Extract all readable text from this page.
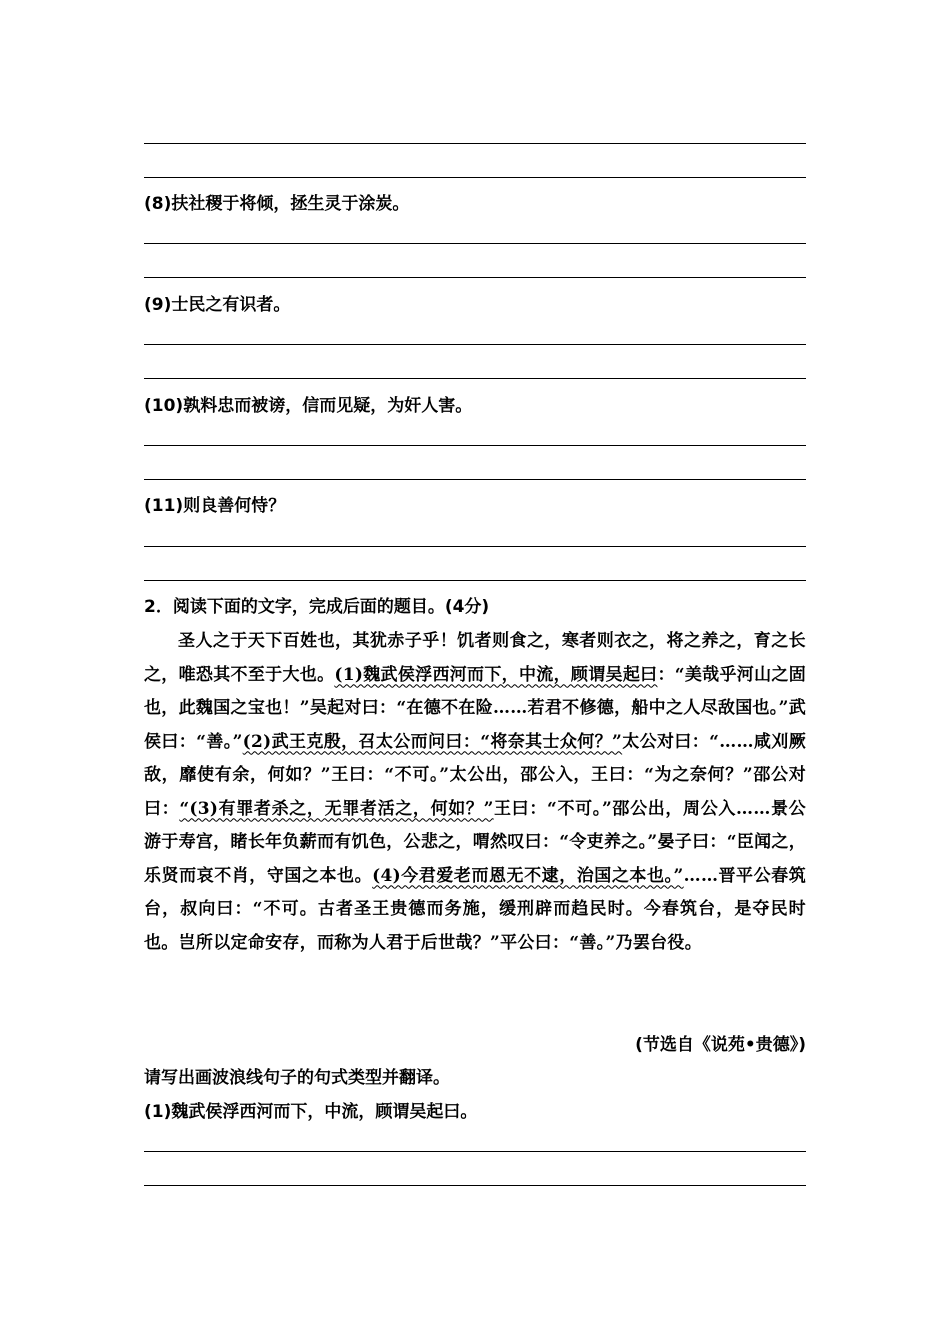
(8)扶社稷于将倾，拯生灵于涂炭。
(9)士民之有识者。
(10)孰料忠而被谤，信而见疑，为奸人害。
(11)则良善何恃？
2．阅读下面的文字，完成后面的题目。(4分)

圣人之于天下百姓也，其犹赤子乎！饥者则食之，寒者则衣之，将之养之，育之长之，唯恐其不至于大也。(1)魏武侯浮西河而下，中流，顾谓吴起曰：“美哉乎河山之固也，此魏国之宝也！”吴起对曰：“在德不在险……若君不修德，船中之人尽敌国也。”武侯曰：“善。”(2)武王克殷，召太公而问曰：“将奈其士众何？”太公对曰：“……咸刈厥敌，靡使有余，何如？”王曰：“不可。”太公出，邵公入，王曰：“为之奈何？”邵公对曰：“(3)有罪者杀之，无罪者活之，何如？”王曰：“不可。”邵公出，周公入……景公游于寿宫，睹长年负薪而有饥色，公悲之，喟然叹曰：“令吏养之。”晏子曰：“臣闻之，乐贤而哀不肖，守国之本也。(4)今君爱老而恩无不逮，治国之本也。”……晋平公春筑台，叔向曰：“不可。古者圣王贵德而务施，缓刑辟而趋民时。今春筑台，是夺民时也。岂所以定命安存，而称为人君于后世哉？”平公曰：“善。”乃罢台役。

(节选自《说苑•贵德》)
请写出画波浪线句子的句式类型并翻译。
(1)魏武侯浮西河而下，中流，顾谓吴起曰。
